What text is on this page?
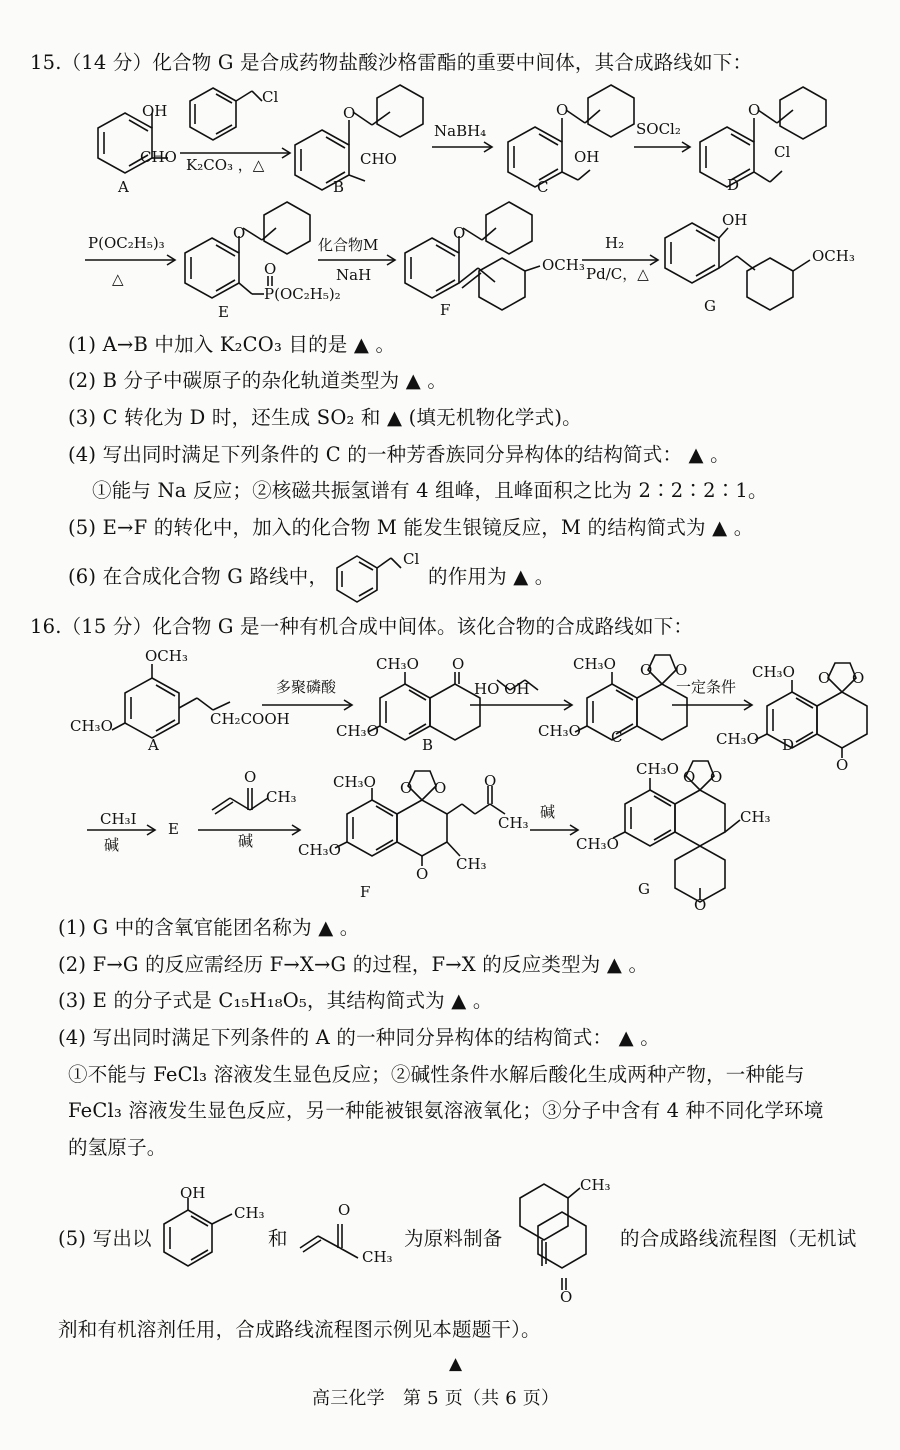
15.（14 分）化合物 G 是合成药物盐酸沙格雷酯的重要中间体，其合成路线如下：
OH
CHO
A
Cl
K₂CO₃ ，△
O
CHO
B
NaBH₄
O
OH
C
SOCl₂
O
Cl
D
P(OC₂H₅)₃
△
O
P(OC₂H₅)₂
O
E
化合物M
NaH
O
OCH₃
F
H₂
Pd/C，△
OH
OCH₃
G
(1) A→B 中加入 K₂CO₃ 目的是 ▲ 。
(2) B 分子中碳原子的杂化轨道类型为 ▲ 。
(3) C 转化为 D 时，还生成 SO₂ 和 ▲ (填无机物化学式)。
(4) 写出同时满足下列条件的 C 的一种芳香族同分异构体的结构简式： ▲ 。
①能与 Na 反应；②核磁共振氢谱有 4 组峰，且峰面积之比为 2∶2∶2∶1。
(5) E→F 的转化中，加入的化合物 M 能发生银镜反应，M 的结构简式为 ▲ 。
(6) 在合成化合物 G 路线中，
Cl
的作用为 ▲ 。
16.（15 分）化合物 G 是一种有机合成中间体。该化合物的合成路线如下：
OCH₃
CH₃O	CH₂COOH
A
多聚磷酸
CH₃O O
CH₃O
B
HO OH
CH₃O O O
CH₃O C
一定条件
CH₃O O O
CH₃O
O
D
CH₃I
碱
E
O
CH₃
碱
CH₃O O O	O
CH₃
CH₃O
CH₃
O
F
碱
CH₃O O O
CH₃
CH₃O
O
G
(1) G 中的含氧官能团名称为 ▲ 。
(2) F→G 的反应需经历 F→X→G 的过程，F→X 的反应类型为 ▲ 。
(3) E 的分子式是 C₁₅H₁₈O₅，其结构简式为 ▲ 。
(4) 写出同时满足下列条件的 A 的一种同分异构体的结构简式： ▲ 。
①不能与 FeCl₃ 溶液发生显色反应；②碱性条件水解后酸化生成两种产物，一种能与
FeCl₃ 溶液发生显色反应，另一种能被银氨溶液氧化；③分子中含有 4 种不同化学环境
的氢原子。
(5) 写出以
OH
CH₃
和
O
CH₃
为原料制备
CH₃
O
的合成路线流程图（无机试
剂和有机溶剂任用，合成路线流程图示例见本题题干）。
▲
高三化学　第 5 页（共 6 页）
